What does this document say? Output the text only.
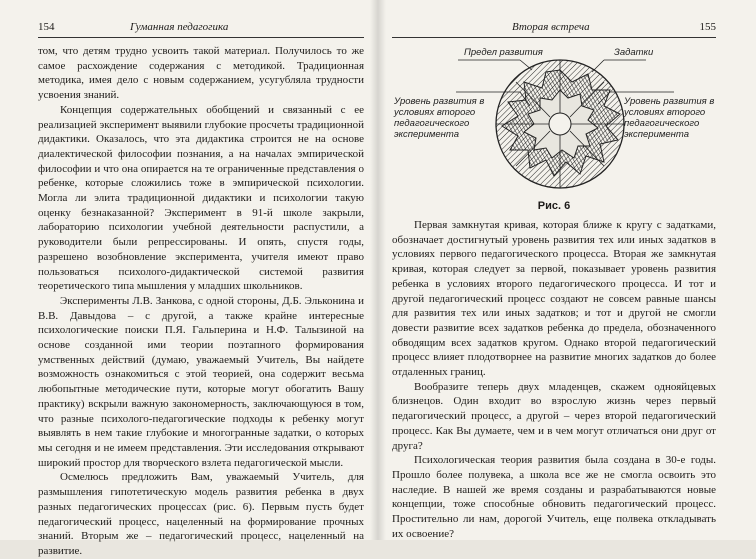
154	Гуманная педагогика

том, что детям трудно усвоить такой материал. Получилось то же самое расхождение содержания с методикой. Традиционная методика, имея дело с новым содержанием, усугубляла трудности усвоения знаний.

Концепция содержательных обобщений и связанный с ее реализацией эксперимент выявили глубокие просчеты традиционной дидактики. Оказалось, что эта дидактика строится не на основе диалектической философии познания, а на началах эмпирической философии и что она опирается на те ограниченные представления о ребенке, которые сложились тоже в эмпирической психологии. Могла ли элита традиционной дидактики и психологии такую оценку безнаказанной? Эксперимент в 91-й школе закрыли, лабораторию психологии учебной деятельности распустили, а руководители были репрессированы. И опять, спустя годы, разрешено возобновление эксперимента, учителя имеют право пользоваться психолого-дидактической системой развития теоретического типа мышления у младших школьников.

Эксперименты Л.В. Занкова, с одной стороны, Д.Б. Эльконина и В.В. Давыдова – с другой, а также крайне интересные психологические поиски П.Я. Гальперина и Н.Ф. Талызиной на основе созданной ими теории поэтапного формирования умственных действий (думаю, уважаемый Учитель, Вы найдете возможность ознакомиться с этой теорией, она содержит весьма любопытные методические пути, которые могут обогатить Вашу практику) вскрыли важную закономерность, заключающуюся в том, что разные психолого-педагогические подходы к ребенку могут выявлять в нем такие глубокие и многогранные задатки, о которых мы сегодня и не имеем представления. Эти исследования открывают широкий простор для творческого взлета педагогической мысли.

Осмелюсь предложить Вам, уважаемый Учитель, для размышления гипотетическую модель развития ребенка в двух разных педагогических процессах (рис. 6). Первым пусть будет педагогический процесс, нацеленный на формирование прочных знаний. Вторым же – педагогический процесс, нацеленный на развитие.

Вторая встреча	155
Предел развития	Задатки
Уровень развития в условиях второго педагогического эксперимента
Уровень развития в условиях второго педагогического эксперимента
Рис. 6

Первая замкнутая кривая, которая ближе к кругу с задатками, обозначает достигнутый уровень развития тех или иных задатков в условиях первого педагогического процесса. Вторая же замкнутая кривая, которая следует за первой, показывает уровень развития ребенка в условиях второго педагогического процесса. И тот и другой педагогический процесс создают не совсем равные шансы для развития тех или иных задатков; и тот и другой не смогли довести развитие всех задатков ребенка до предела, обозначенного обводящим всех задатков кругом. Однако второй педагогический процесс влияет плодотворнее на развитие многих задатков до более отдаленных границ.

Вообразите теперь двух младенцев, скажем однояйцевых близнецов. Один входит во взрослую жизнь через первый педагогический процесс, а другой – через второй педагогический процесс. Как Вы думаете, чем и в чем могут отличаться они друг от друга?

Психологическая теория развития была создана в 30-е годы. Прошло более полувека, а школа все же не смогла освоить это наследие. В нашей же время созданы и разрабатываются новые концепции, тоже способные обновить педагогический процесс. Простительно ли нам, дорогой Учитель, еще полвека откладывать их освоение?
